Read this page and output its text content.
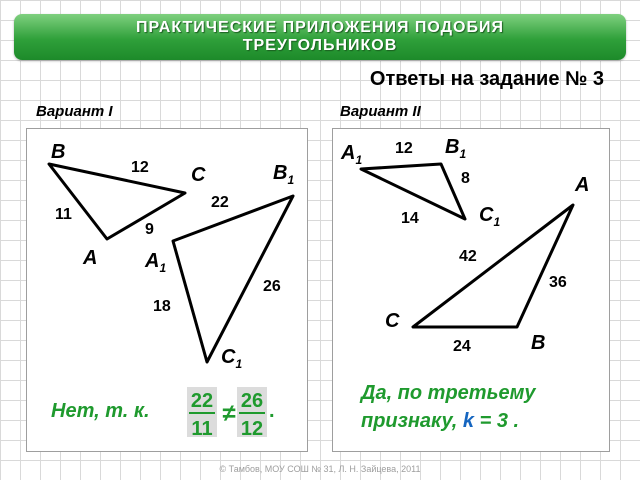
ПРАКТИЧЕСКИЕ ПРИЛОЖЕНИЯ ПОДОБИЯ
ТРЕУГОЛЬНИКОВ
Ответы на задание № 3
Вариант I	Вариант II
B
C
A
12
11
9
$B_1$
$A_1$
$C_1$
22
26
18
Нет, т. к. 22
11
≠ 26
12
.
$A_1$
$B_1$
$C_1$
12
8
14
A
C
B
42
36
24
Да, по третьему
признаку, k = 3 .
© Тамбов, МОУ СОШ № 31, Л. Н. Зайцева, 2011
